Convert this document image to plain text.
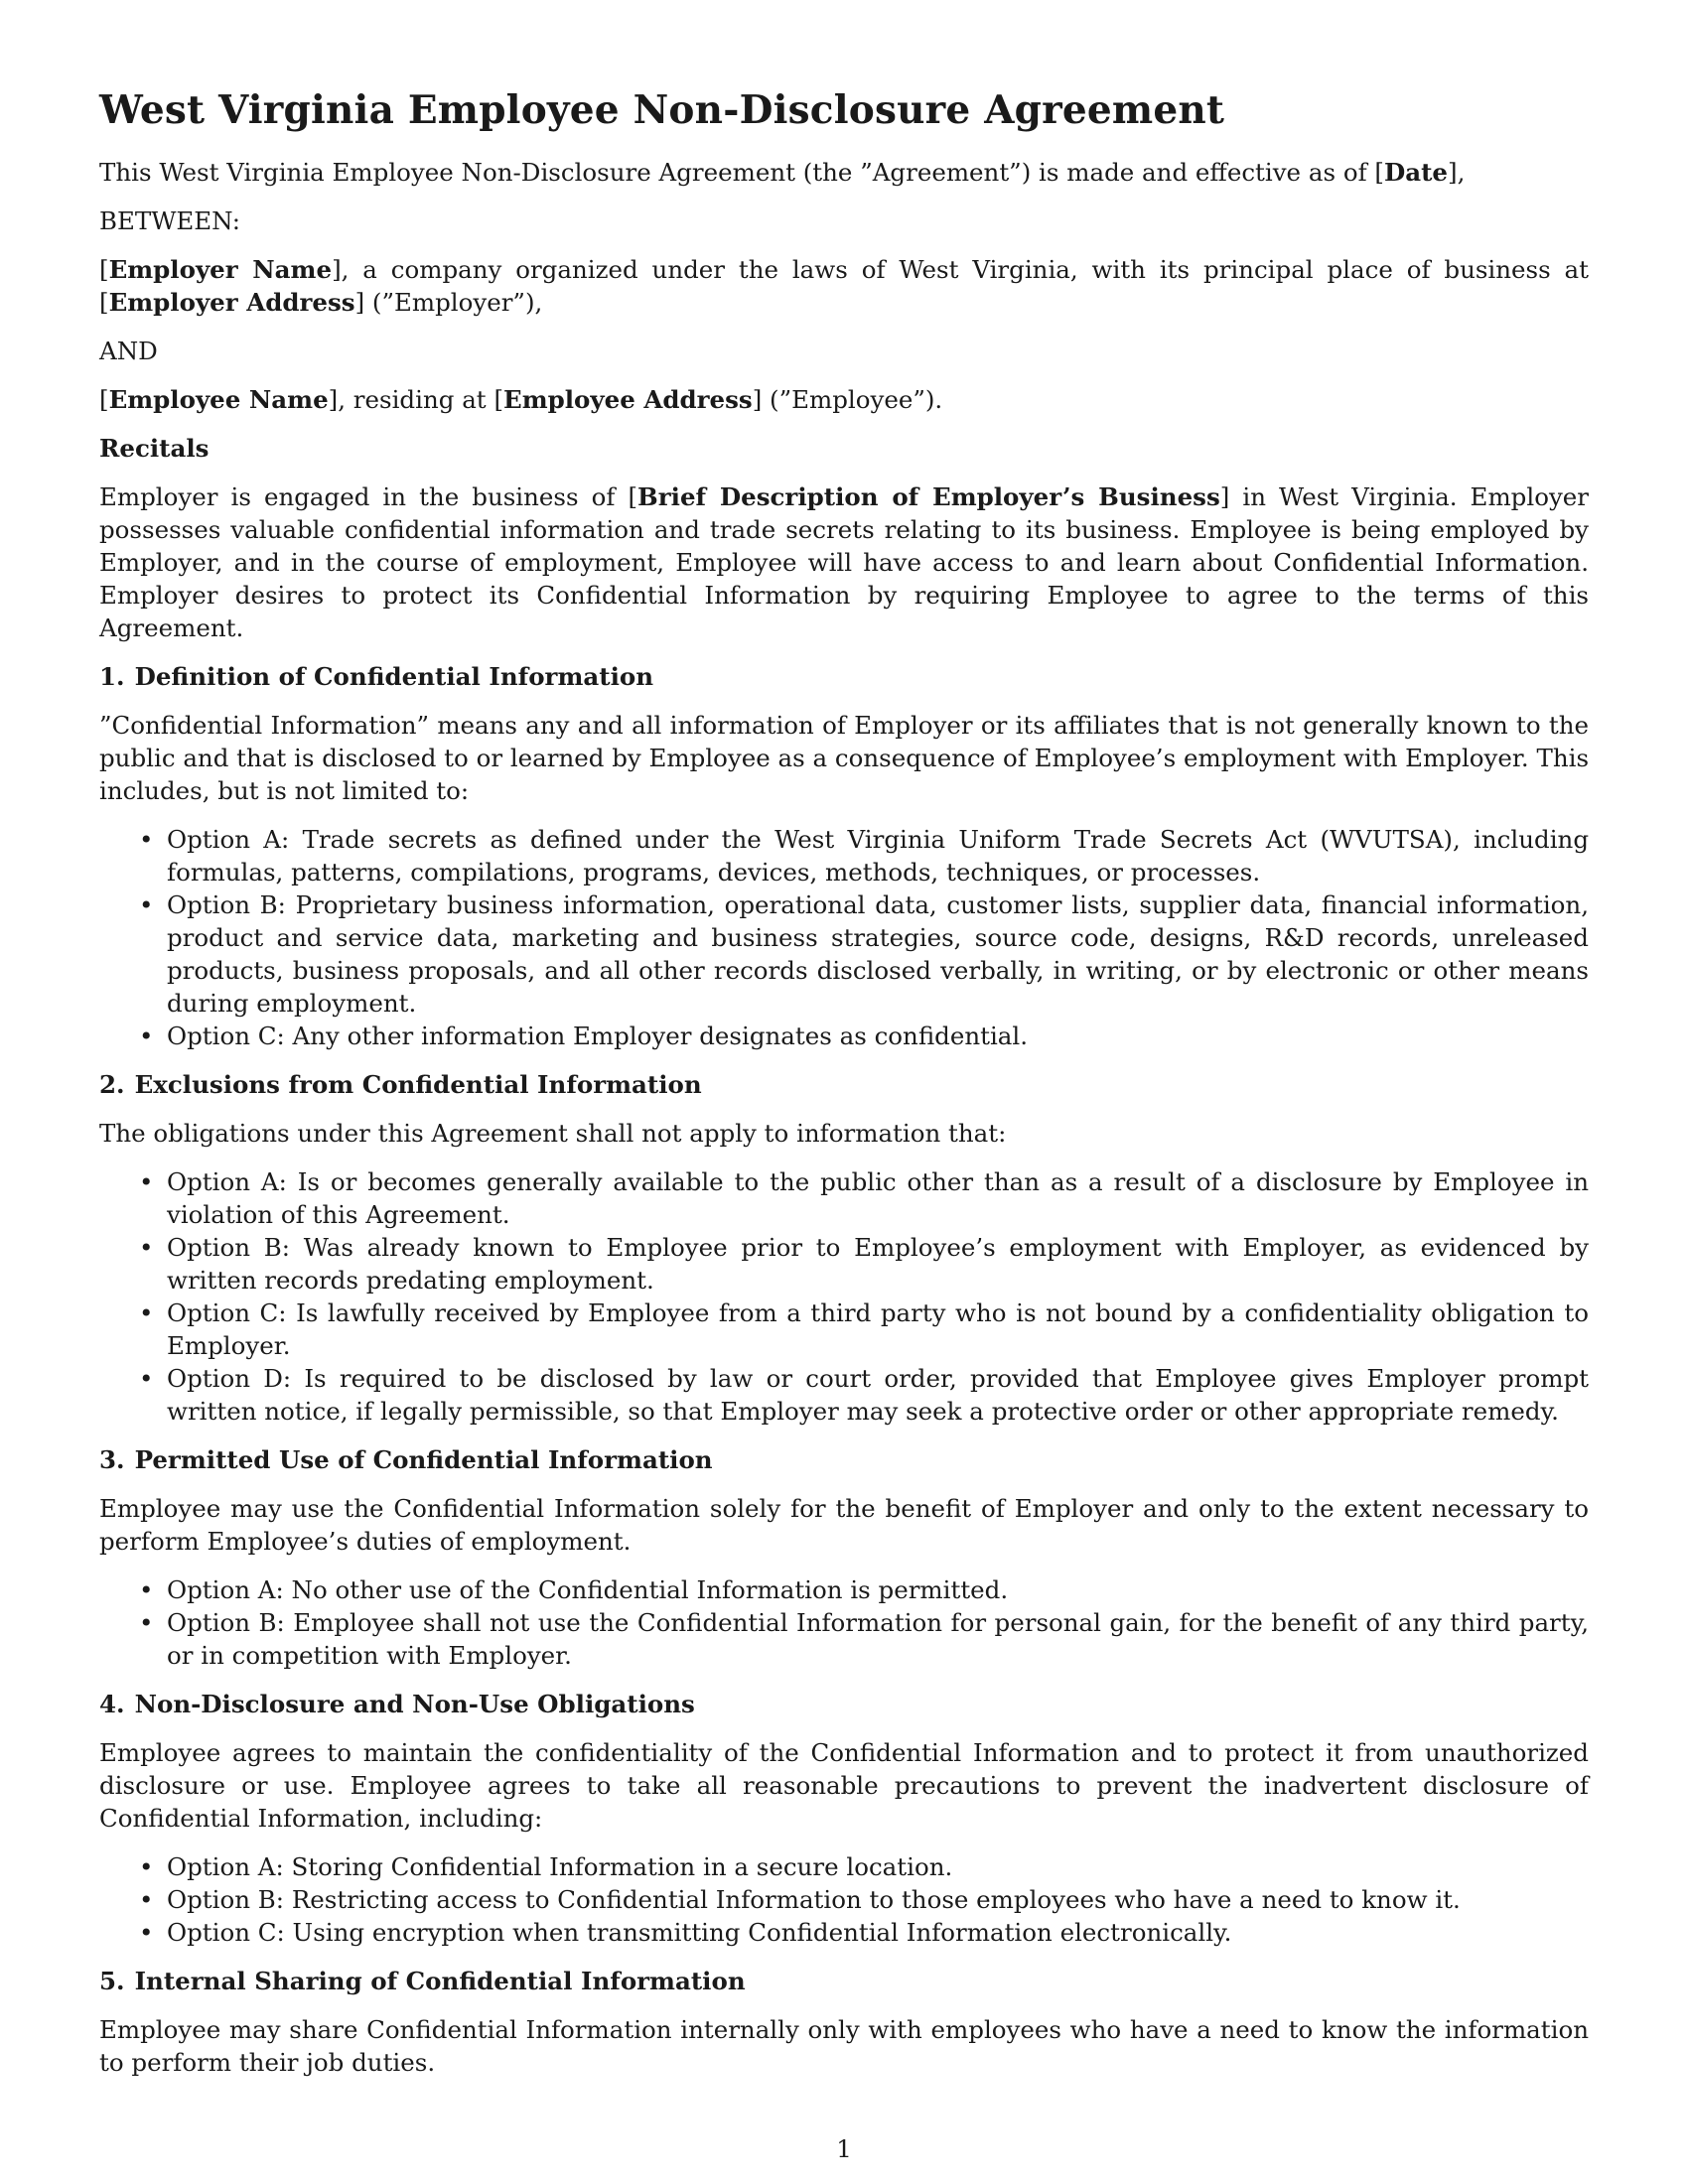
West Virginia Employee Non-Disclosure Agreement

This West Virginia Employee Non-Disclosure Agreement (the ”Agreement”) is made and effective as of [Date],

BETWEEN:

[Employer Name], a company organized under the laws of West Virginia, with its principal place of business at [Employer Address] (”Employer”),

AND

[Employee Name], residing at [Employee Address] (”Employee”).

Recitals

Employer is engaged in the business of [Brief Description of Employer’s Business] in West Virginia. Employer possesses valuable confidential information and trade secrets relating to its business. Employee is being employed by Employer, and in the course of employment, Employee will have access to and learn about Confidential Information. Employer desires to protect its Confidential Information by requiring Employee to agree to the terms of this Agreement.

1. Definition of Confidential Information

”Confidential Information” means any and all information of Employer or its affiliates that is not generally known to the public and that is disclosed to or learned by Employee as a consequence of Employee’s employment with Employer. This includes, but is not limited to:

• Option A: Trade secrets as defined under the West Virginia Uniform Trade Secrets Act (WVUTSA), including formulas, patterns, compilations, programs, devices, methods, techniques, or processes.
• Option B: Proprietary business information, operational data, customer lists, supplier data, financial information, product and service data, marketing and business strategies, source code, designs, R&D records, unreleased products, business proposals, and all other records disclosed verbally, in writing, or by electronic or other means during employment.
• Option C: Any other information Employer designates as confidential.
2. Exclusions from Confidential Information

The obligations under this Agreement shall not apply to information that:

• Option A: Is or becomes generally available to the public other than as a result of a disclosure by Employee in violation of this Agreement.
• Option B: Was already known to Employee prior to Employee’s employment with Employer, as evidenced by written records predating employment.
• Option C: Is lawfully received by Employee from a third party who is not bound by a confidentiality obligation to Employer.
• Option D: Is required to be disclosed by law or court order, provided that Employee gives Employer prompt written notice, if legally permissible, so that Employer may seek a protective order or other appropriate remedy.
3. Permitted Use of Confidential Information

Employee may use the Confidential Information solely for the benefit of Employer and only to the extent necessary to perform Employee’s duties of employment.

• Option A: No other use of the Confidential Information is permitted.
• Option B: Employee shall not use the Confidential Information for personal gain, for the benefit of any third party, or in competition with Employer.
4. Non-Disclosure and Non-Use Obligations

Employee agrees to maintain the confidentiality of the Confidential Information and to protect it from unauthorized disclosure or use. Employee agrees to take all reasonable precautions to prevent the inadvertent disclosure of Confidential Information, including:

• Option A: Storing Confidential Information in a secure location.
• Option B: Restricting access to Confidential Information to those employees who have a need to know it.
• Option C: Using encryption when transmitting Confidential Information electronically.
5. Internal Sharing of Confidential Information

Employee may share Confidential Information internally only with employees who have a need to know the information to perform their job duties.

1
